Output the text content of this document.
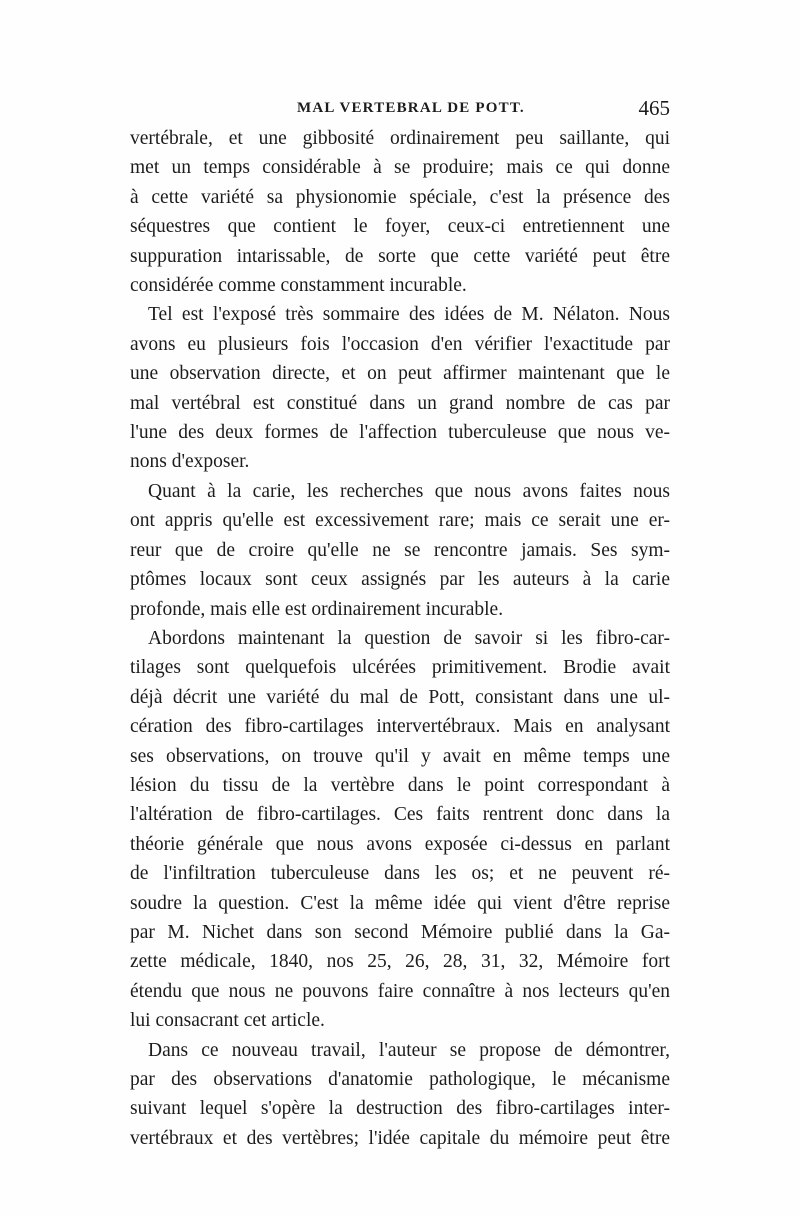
MAL VERTEBRAL DE POTT.	465
vertébrale, et une gibbosité ordinairement peu saillante, qui
met un temps considérable à se produire; mais ce qui donne
à cette variété sa physionomie spéciale, c'est la présence des
séquestres que contient le foyer, ceux-ci entretiennent une
suppuration intarissable, de sorte que cette variété peut être
considérée comme constamment incurable.
Tel est l'exposé très sommaire des idées de M. Nélaton. Nous
avons eu plusieurs fois l'occasion d'en vérifier l'exactitude par
une observation directe, et on peut affirmer maintenant que le
mal vertébral est constitué dans un grand nombre de cas par
l'une des deux formes de l'affection tuberculeuse que nous ve-
nons d'exposer.
Quant à la carie, les recherches que nous avons faites nous
ont appris qu'elle est excessivement rare; mais ce serait une er-
reur que de croire qu'elle ne se rencontre jamais. Ses sym-
ptômes locaux sont ceux assignés par les auteurs à la carie
profonde, mais elle est ordinairement incurable.
Abordons maintenant la question de savoir si les fibro-car-
tilages sont quelquefois ulcérées primitivement. Brodie avait
déjà décrit une variété du mal de Pott, consistant dans une ul-
cération des fibro-cartilages intervertébraux. Mais en analysant
ses observations, on trouve qu'il y avait en même temps une
lésion du tissu de la vertèbre dans le point correspondant à
l'altération de fibro-cartilages. Ces faits rentrent donc dans la
théorie générale que nous avons exposée ci-dessus en parlant
de l'infiltration tuberculeuse dans les os; et ne peuvent ré-
soudre la question. C'est la même idée qui vient d'être reprise
par M. Nichet dans son second Mémoire publié dans la Ga-
zette médicale, 1840, nos 25, 26, 28, 31, 32, Mémoire fort
étendu que nous ne pouvons faire connaître à nos lecteurs qu'en
lui consacrant cet article.
Dans ce nouveau travail, l'auteur se propose de démontrer,
par des observations d'anatomie pathologique, le mécanisme
suivant lequel s'opère la destruction des fibro-cartilages inter-
vertébraux et des vertèbres; l'idée capitale du mémoire peut être
